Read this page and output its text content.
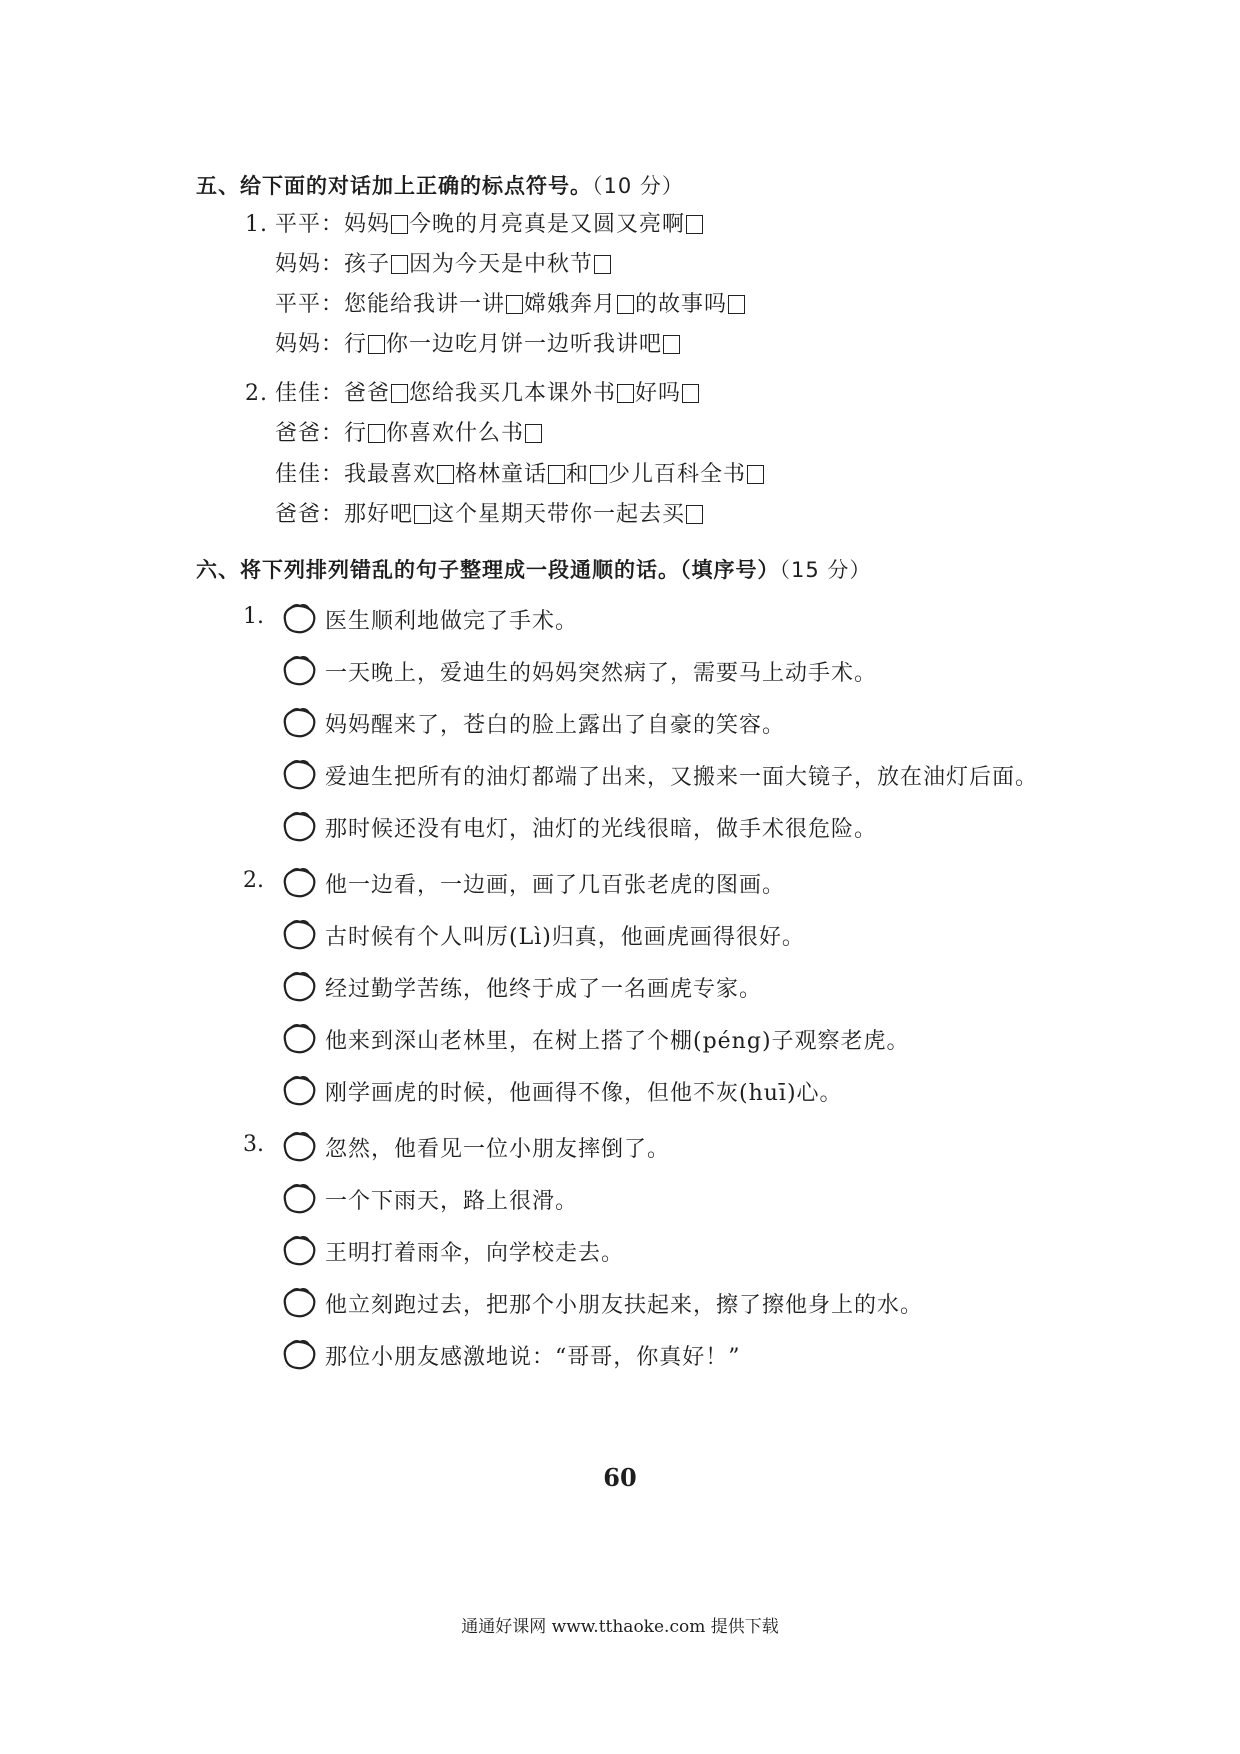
五、给下面的对话加上正确的标点符号。（10 分）
1. 平平：妈妈 今晚的月亮真是又圆又亮啊
妈妈：孩子 因为今天是中秋节
平平：您能给我讲一讲 嫦娥奔月 的故事吗
妈妈：行 你一边吃月饼一边听我讲吧
2. 佳佳：爸爸 您给我买几本课外书 好吗
爸爸：行 你喜欢什么书
佳佳：我最喜欢 格林童话 和 少儿百科全书
爸爸：那好吧 这个星期天带你一起去买
六、将下列排列错乱的句子整理成一段通顺的话。（填序号）（15 分）
1.	医生顺利地做完了手术。
一天晚上，爱迪生的妈妈突然病了，需要马上动手术。
妈妈醒来了，苍白的脸上露出了自豪的笑容。
爱迪生把所有的油灯都端了出来，又搬来一面大镜子，放在油灯后面。
那时候还没有电灯，油灯的光线很暗，做手术很危险。
2.	他一边看，一边画，画了几百张老虎的图画。
古时候有个人叫厉(Lì)归真，他画虎画得很好。
经过勤学苦练，他终于成了一名画虎专家。
他来到深山老林里，在树上搭了个棚(péng)子观察老虎。
刚学画虎的时候，他画得不像，但他不灰(huī)心。
3.	忽然，他看见一位小朋友摔倒了。
一个下雨天，路上很滑。
王明打着雨伞，向学校走去。
他立刻跑过去，把那个小朋友扶起来，擦了擦他身上的水。
那位小朋友感激地说：“哥哥，你真好！”
60
通通好课网 www.tthaoke.com 提供下载
